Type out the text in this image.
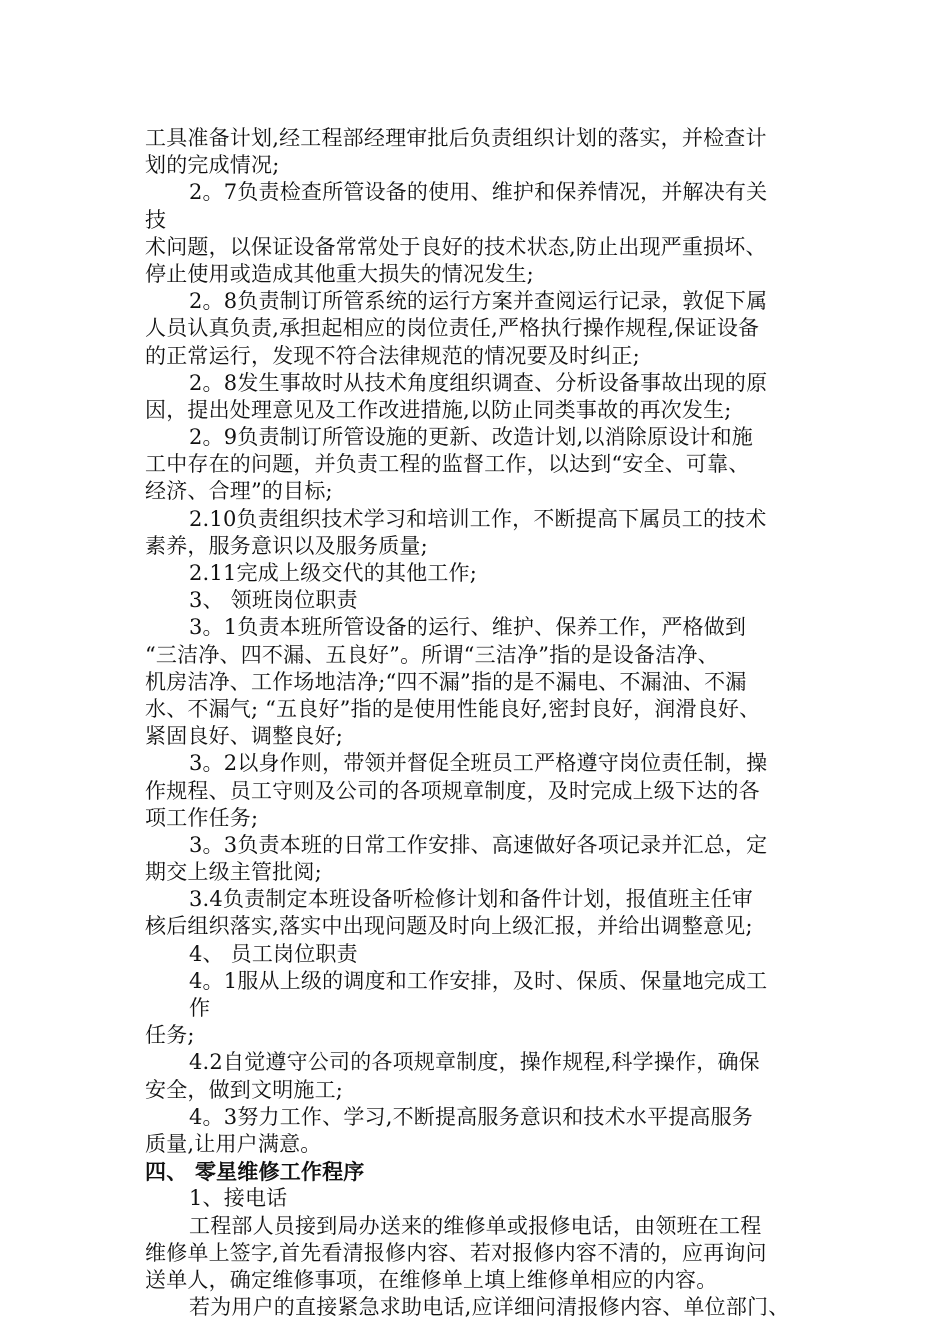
工具准备计划,经工程部经理审批后负责组织计划的落实，并检查计
划的完成情况;
2。7负责检查所管设备的使用、维护和保养情况，并解决有关
技
术问题，以保证设备常常处于良好的技术状态,防止出现严重损坏、
停止使用或造成其他重大损失的情况发生;
2。8负责制订所管系统的运行方案并查阅运行记录，敦促下属
人员认真负责,承担起相应的岗位责任,严格执行操作规程,保证设备
的正常运行，发现不符合法律规范的情况要及时纠正;
2。8发生事故时从技术角度组织调查、分析设备事故出现的原
因，提出处理意见及工作改进措施,以防止同类事故的再次发生;
2。9负责制订所管设施的更新、改造计划,以消除原设计和施
工中存在的问题，并负责工程的监督工作，以达到“安全、可靠、
经济、合理”的目标;
2.10负责组织技术学习和培训工作，不断提高下属员工的技术
素养，服务意识以及服务质量;
2.11完成上级交代的其他工作;
3、 领班岗位职责
3。1负责本班所管设备的运行、维护、保养工作，严格做到
“三洁净、四不漏、五良好”。所谓“三洁净”指的是设备洁净、
机房洁净、工作场地洁净;“四不漏”指的是不漏电、不漏油、不漏
水、不漏气; “五良好”指的是使用性能良好,密封良好，润滑良好、
紧固良好、调整良好;
3。2以身作则，带领并督促全班员工严格遵守岗位责任制，操
作规程、员工守则及公司的各项规章制度，及时完成上级下达的各
项工作任务;
3。3负责本班的日常工作安排、高速做好各项记录并汇总，定
期交上级主管批阅;
3.4负责制定本班设备听检修计划和备件计划，报值班主任审
核后组织落实,落实中出现问题及时向上级汇报，并给出调整意见;
4、 员工岗位职责
4。1服从上级的调度和工作安排，及时、保质、保量地完成工
作
任务;
4.2自觉遵守公司的各项规章制度，操作规程,科学操作，确保
安全，做到文明施工;
4。3努力工作、学习,不断提高服务意识和技术水平提高服务
质量,让用户满意。
四、 零星维修工作程序
1、接电话
工程部人员接到局办送来的维修单或报修电话，由领班在工程
维修单上签字,首先看清报修内容、若对报修内容不清的，应再询问
送单人，确定维修事项，在维修单上填上维修单相应的内容。
若为用户的直接紧急求助电话,应详细问清报修内容、单位部门、
